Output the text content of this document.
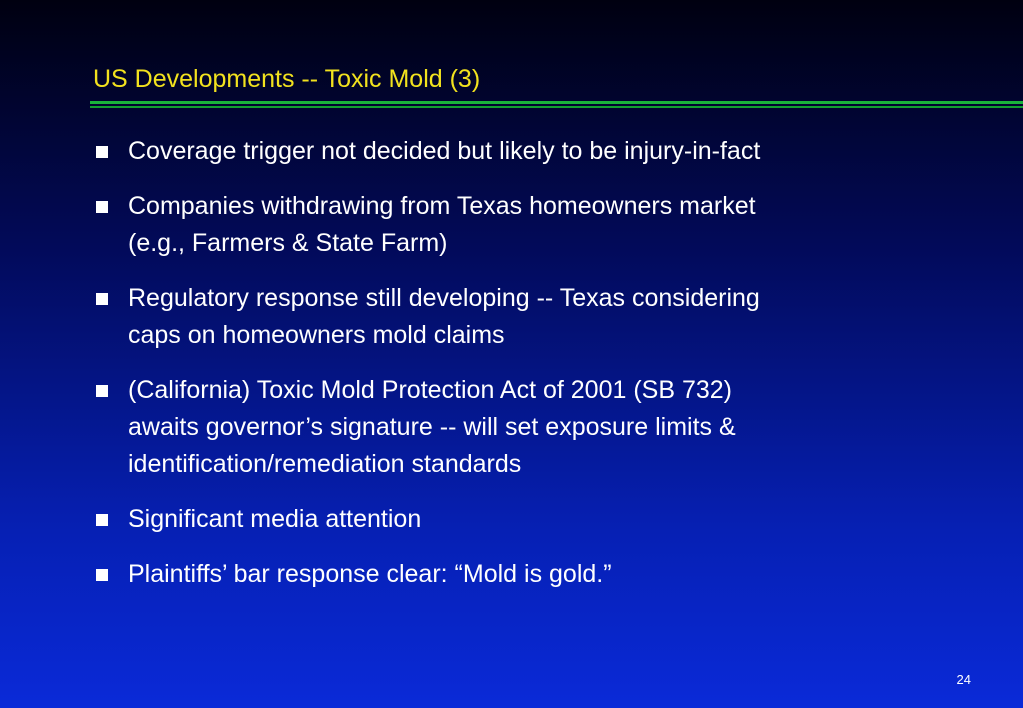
US Developments -- Toxic Mold (3)
Coverage trigger not decided but likely to be injury-in-fact
Companies withdrawing from Texas homeowners market
(e.g., Farmers & State Farm)
Regulatory response still developing -- Texas considering
caps on homeowners mold claims
(California) Toxic Mold Protection Act of 2001 (SB 732)
awaits governor’s signature -- will set exposure limits &
identification/remediation standards
Significant media attention
Plaintiffs’ bar response clear: “Mold is gold.”
24
